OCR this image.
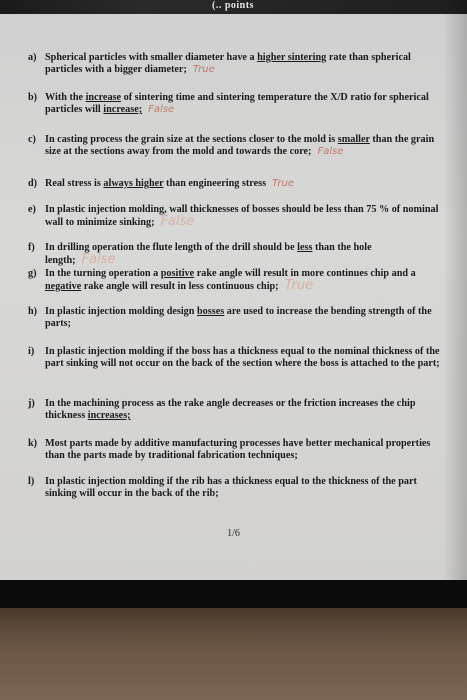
(.. points
a) Spherical particles with smaller diameter have a higher sintering rate than spherical particles with a bigger diameter; True
b) With the increase of sintering time and sintering temperature the X/D ratio for spherical particles will increase; False
c) In casting process the grain size at the sections closer to the mold is smaller than the grain size at the sections away from the mold and towards the core; False
d) Real stress is always higher than engineering stress True
e) In plastic injection molding, wall thicknesses of bosses should be less than 75 % of nominal wall to minimize sinking; False
f) In drilling operation the flute length of the drill should be less than the hole length; False
g) In the turning operation a positive rake angle will result in more continues chip and a negative rake angle will result in less continuous chip; True
h) In plastic injection molding design bosses are used to increase the bending strength of the parts;
i) In plastic injection molding if the boss has a thickness equal to the nominal thickness of the part sinking will not occur on the back of the section where the boss is attached to the part;
j) In the machining process as the rake angle decreases or the friction increases the chip thickness increases;
k) Most parts made by additive manufacturing processes have better mechanical properties than the parts made by traditional fabrication techniques;
l) In plastic injection molding if the rib has a thickness equal to the thickness of the part sinking will occur in the back of the rib;
1/6
